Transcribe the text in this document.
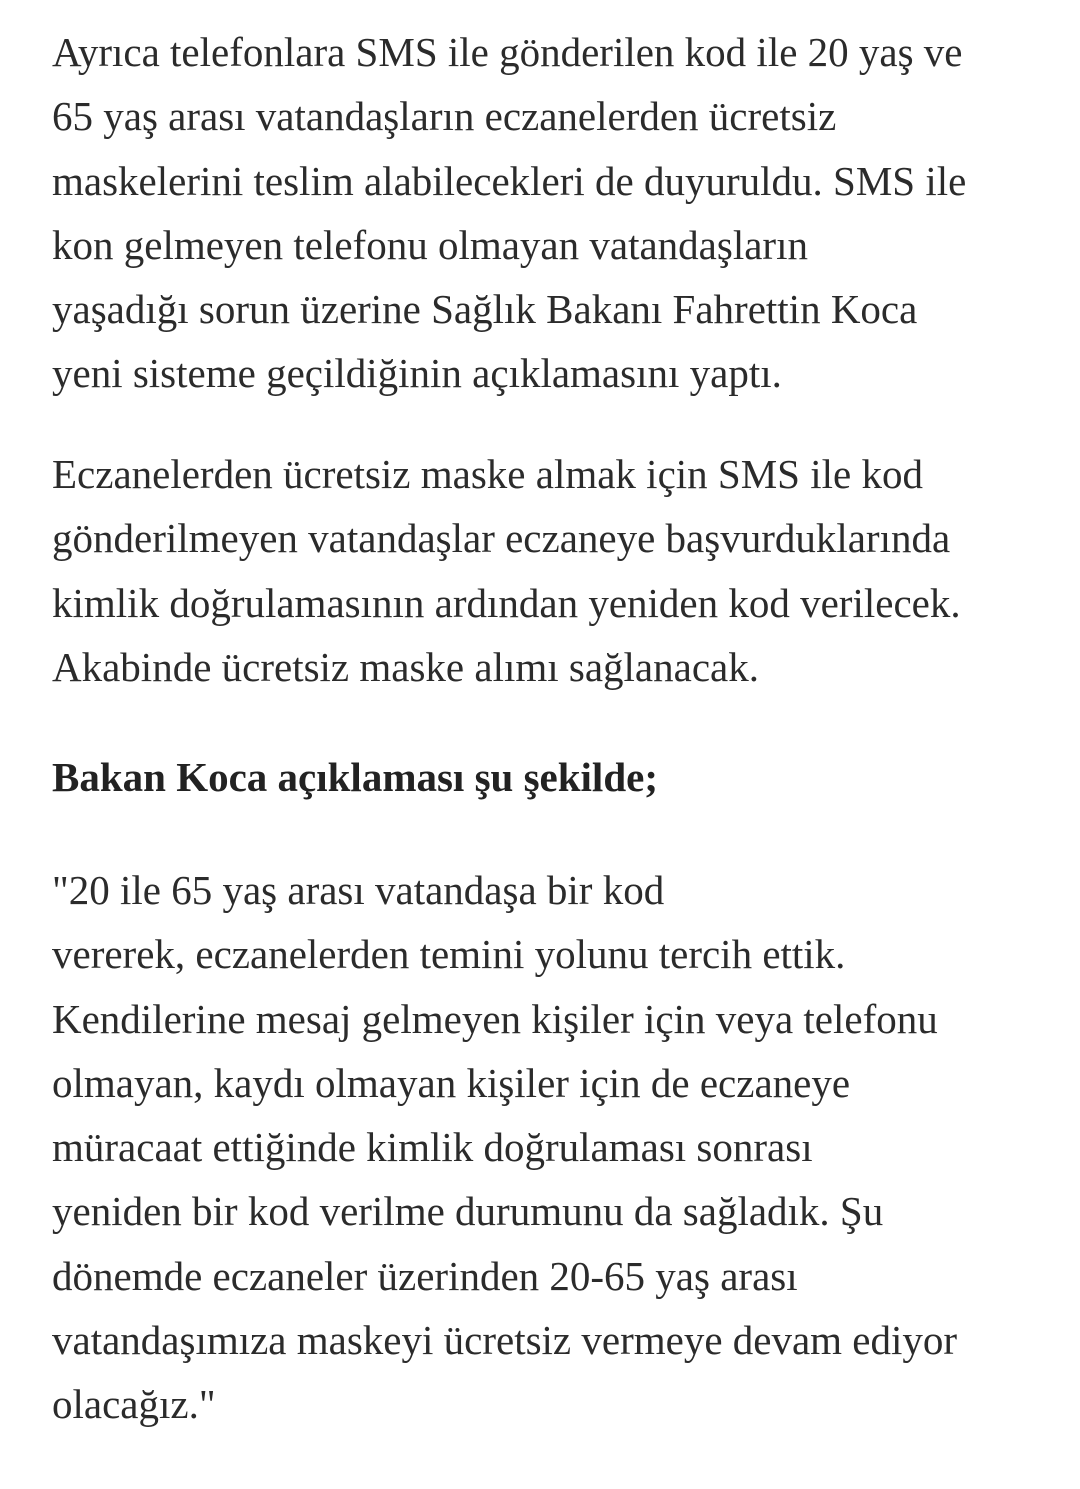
Ayrıca telefonlara SMS ile gönderilen kod ile 20 yaş ve
65 yaş arası vatandaşların eczanelerden ücretsiz
maskelerini teslim alabilecekleri de duyuruldu. SMS ile
kon gelmeyen telefonu olmayan vatandaşların
yaşadığı sorun üzerine Sağlık Bakanı Fahrettin Koca
yeni sisteme geçildiğinin açıklamasını yaptı.

Eczanelerden ücretsiz maske almak için SMS ile kod
gönderilmeyen vatandaşlar eczaneye başvurduklarında
kimlik doğrulamasının ardından yeniden kod verilecek.
Akabinde ücretsiz maske alımı sağlanacak.

Bakan Koca açıklaması şu şekilde;

"20 ile 65 yaş arası vatandaşa bir kod
vererek, eczanelerden temini yolunu tercih ettik.
Kendilerine mesaj gelmeyen kişiler için veya telefonu
olmayan, kaydı olmayan kişiler için de eczaneye
müracaat ettiğinde kimlik doğrulaması sonrası
yeniden bir kod verilme durumunu da sağladık. Şu
dönemde eczaneler üzerinden 20-65 yaş arası
vatandaşımıza maskeyi ücretsiz vermeye devam ediyor
olacağız."
